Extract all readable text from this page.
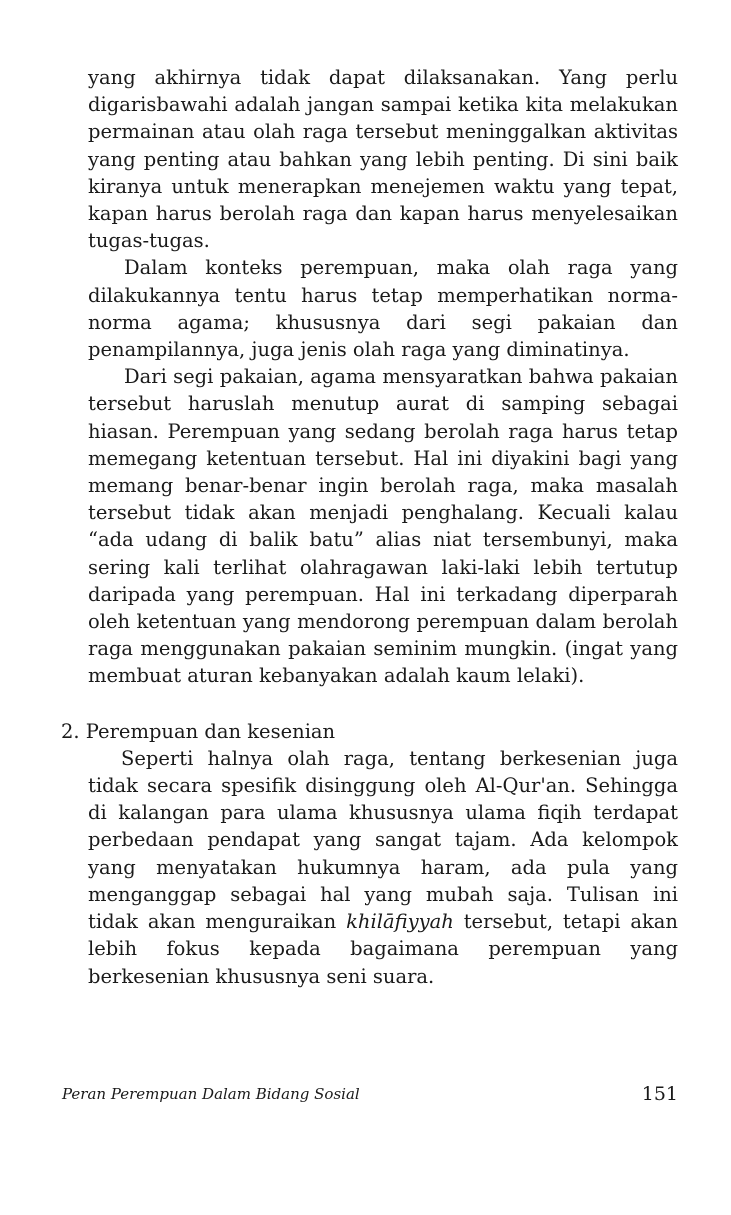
yang akhirnya tidak dapat dilaksanakan. Yang perlu digarisbawahi adalah jangan sampai ketika kita melakukan permainan atau olah raga tersebut meninggalkan aktivitas yang penting atau bahkan yang lebih penting. Di sini baik kiranya untuk menerapkan menejemen waktu yang tepat, kapan harus berolah raga dan kapan harus menyelesaikan tugas-tugas.

Dalam konteks perempuan, maka olah raga yang dilakukannya tentu harus tetap memperhatikan norma-norma agama; khususnya dari segi pakaian dan penampilannya, juga jenis olah raga yang diminatinya.

Dari segi pakaian, agama mensyaratkan bahwa pakaian tersebut haruslah menutup aurat di samping sebagai hiasan. Perempuan yang sedang berolah raga harus tetap memegang ketentuan tersebut. Hal ini diyakini bagi yang memang benar-benar ingin berolah raga, maka masalah tersebut tidak akan menjadi penghalang. Kecuali kalau “ada udang di balik batu” alias niat tersembunyi, maka sering kali terlihat olahragawan laki-laki lebih tertutup daripada yang perempuan. Hal ini terkadang diperparah oleh ketentuan yang mendorong perempuan dalam berolah raga menggunakan pakaian seminim mungkin. (ingat yang membuat aturan kebanyakan adalah kaum lelaki).

2. Perempuan dan kesenian

Seperti halnya olah raga, tentang berkesenian juga tidak secara spesifik disinggung oleh Al-Qur'an. Sehingga di kalangan para ulama khususnya ulama fiqih terdapat perbedaan pendapat yang sangat tajam. Ada kelompok yang menyatakan hukumnya haram, ada pula yang menganggap sebagai hal yang mubah saja. Tulisan ini tidak akan menguraikan khilāfiyyah tersebut, tetapi akan lebih fokus kepada bagaimana perempuan yang berkesenian khususnya seni suara.

Peran Perempuan Dalam Bidang Sosial	151
